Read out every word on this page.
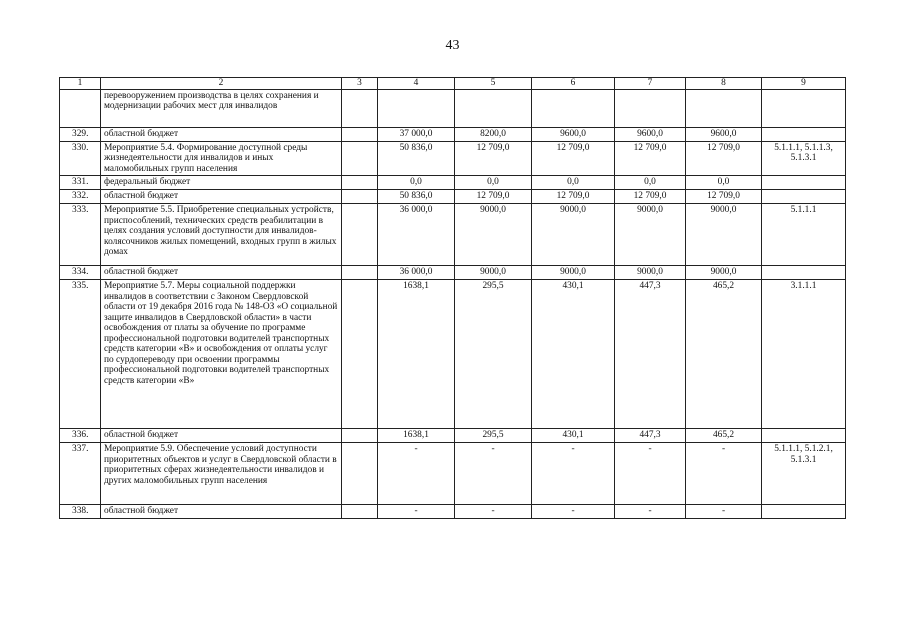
43
1	2	3	4	5	6	7	8	9
	перевооружением производства в целях сохранения и модернизации рабочих мест для инвалидов							
329.	областной бюджет		37 000,0	8200,0	9600,0	9600,0	9600,0	
330.	Мероприятие 5.4. Формирование доступной среды жизнедеятельности для инвалидов и иных маломобильных групп населения		50 836,0	12 709,0	12 709,0	12 709,0	12 709,0	5.1.1.1, 5.1.1.3, 5.1.3.1
331.	федеральный бюджет		0,0	0,0	0,0	0,0	0,0	
332.	областной бюджет		50 836,0	12 709,0	12 709,0	12 709,0	12 709,0	
333.	Мероприятие 5.5. Приобретение специальных устройств, приспособлений, технических средств реабилитации в целях создания условий доступности для инвалидов-колясочников жилых помещений, входных групп в жилых домах		36 000,0	9000,0	9000,0	9000,0	9000,0	5.1.1.1
334.	областной бюджет		36 000,0	9000,0	9000,0	9000,0	9000,0	
335.	Мероприятие 5.7. Меры социальной поддержки инвалидов в соответствии с Законом Свердловской области от 19 декабря 2016 года № 148-ОЗ «О социальной защите инвалидов в Свердловской области» в части освобождения от платы за обучение по программе профессиональной подготовки водителей транспортных средств категории «В» и освобождения от оплаты услуг по сурдопереводу при освоении программы профессиональной подготовки водителей транспортных средств категории «В»		1638,1	295,5	430,1	447,3	465,2	3.1.1.1
336.	областной бюджет		1638,1	295,5	430,1	447,3	465,2	
337.	Мероприятие 5.9. Обеспечение условий доступности приоритетных объектов и услуг в Свердловской области в приоритетных сферах жизнедеятельности инвалидов и других маломобильных групп населения		-	-	-	-	-	5.1.1.1, 5.1.2.1, 5.1.3.1
338.	областной бюджет		-	-	-	-	-	
